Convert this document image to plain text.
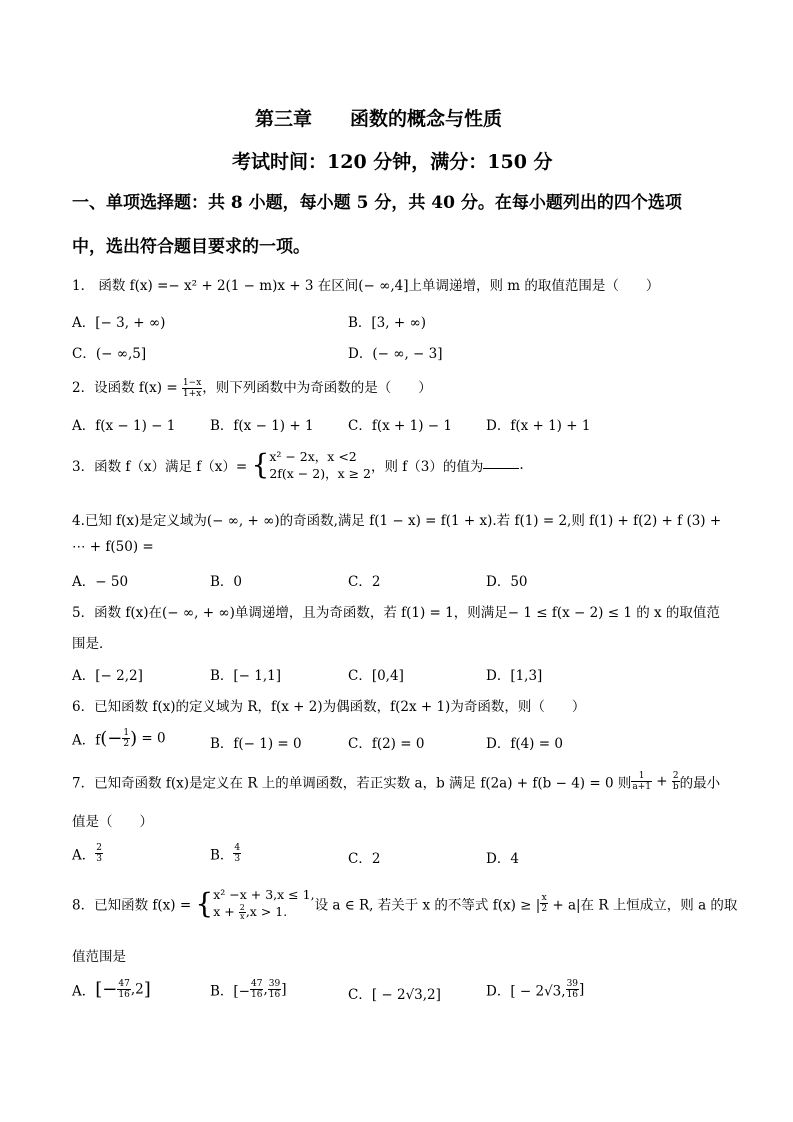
第三章　　函数的概念与性质
考试时间：120 分钟，满分：150 分
一、单项选择题：共 8 小题，每小题 5 分，共 40 分。在每小题列出的四个选项
中，选出符合题目要求的一项。
1． 函数 f(x) =− x² + 2(1 − m)x + 3 在区间(− ∞,4]上单调递增，则 m 的取值范围是（　　）
A．[− 3, + ∞)	B．[3, + ∞)
C．(− ∞,5]	D．(− ∞, − 3]
2．设函数 $f(x) = \frac{1-x}{1+x}$ ，则下列函数中为奇函数的是（　　）
A．f(x − 1) − 1	B．f(x − 1) + 1	C．f(x + 1) − 1	D．f(x + 1) + 1
3．函数 f（x）满足 f（x）= { x² − 2x，x <2
2f(x − 2)，x ≥ 2 ，则 f（3）的值为	.
4.已知 f(x)是定义域为(− ∞, + ∞)的奇函数,满足 f(1 − x) = f(1 + x).若 f(1) = 2,则 f(1) + f(2) + f (3) +
⋯ + f(50) =
A．− 50	B．0	C．2	D．50
5．函数 f(x)在(− ∞, + ∞)单调递增，且为奇函数，若 f(1) = 1，则满足− 1 ≤ f(x − 2) ≤ 1 的 x 的取值范
围是．
A．[− 2,2]	B．[− 1,1]	C．[0,4]	D．[1,3]
6．已知函数 f(x)的定义域为 R，f(x + 2)为偶函数，f(2x + 1)为奇函数，则（　　）
A．$f(- \frac{1}{2}$ ) = 0	B．f(− 1) = 0	C．f(2) = 0	D．f(4) = 0
7．已知奇函数 f(x)是定义在 R 上的单调函数，若正实数 a，b 满足 f(2a) + f(b − 4) = 0 则 $\frac{1}{a+1} + \frac{2}{b}$ 的最小
值是（　　）
A． $\frac{2}{3}$	B． $\frac{4}{3}$	C．2	D．4
8．已知函数 f(x) = { x² −x + 3,x ≤ 1,
$x + \frac{2}{x} ,x > 1$.	设 a ∈ R, 若关于 x 的不等式 f(x) ≥ | $\frac{x}{2} + a|$在 R 上恒成立，则 a 的取
值范围是
A．[− $\frac{47}{16} ,2$]	B．[− $\frac{47}{16}$ , $\frac{39}{16}$ ]	C．[ − 2√3,2]	D．[ − 2√3, $\frac{39}{16}$ ]
